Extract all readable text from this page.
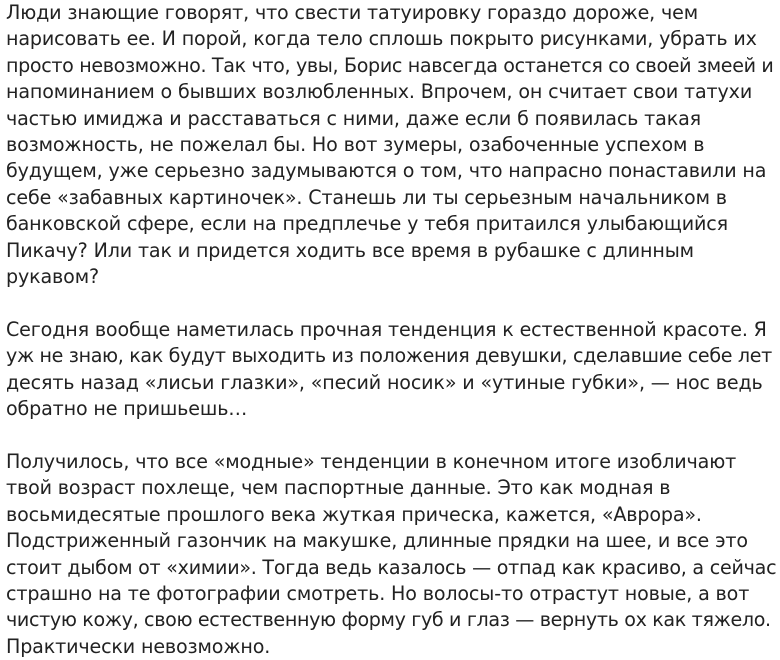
Люди знающие говорят, что свести татуировку гораздо дороже, чем
нарисовать ее. И порой, когда тело сплошь покрыто рисунками, убрать их
просто невозможно. Так что, увы, Борис навсегда останется со своей змеей и
напоминанием о бывших возлюбленных. Впрочем, он считает свои татухи
частью имиджа и расставаться с ними, даже если б появилась такая
возможность, не пожелал бы. Но вот зумеры, озабоченные успехом в
будущем, уже серьезно задумываются о том, что напрасно понаставили на
себе «забавных картиночек». Станешь ли ты серьезным начальником в
банковской сфере, если на предплечье у тебя притаился улыбающийся
Пикачу? Или так и придется ходить все время в рубашке с длинным
рукавом?

Сегодня вообще наметилась прочная тенденция к естественной красоте. Я
уж не знаю, как будут выходить из положения девушки, сделавшие себе лет
десять назад «лисьи глазки», «песий носик» и «утиные губки», — нос ведь
обратно не пришьешь…

Получилось, что все «модные» тенденции в конечном итоге изобличают
твой возраст похлеще, чем паспортные данные. Это как модная в
восьмидесятые прошлого века жуткая прическа, кажется, «Аврора».
Подстриженный газончик на макушке, длинные прядки на шее, и все это
стоит дыбом от «химии». Тогда ведь казалось — отпад как красиво, а сейчас
страшно на те фотографии смотреть. Но волосы-то отрастут новые, а вот
чистую кожу, свою естественную форму губ и глаз — вернуть ох как тяжело.
Практически невозможно.
